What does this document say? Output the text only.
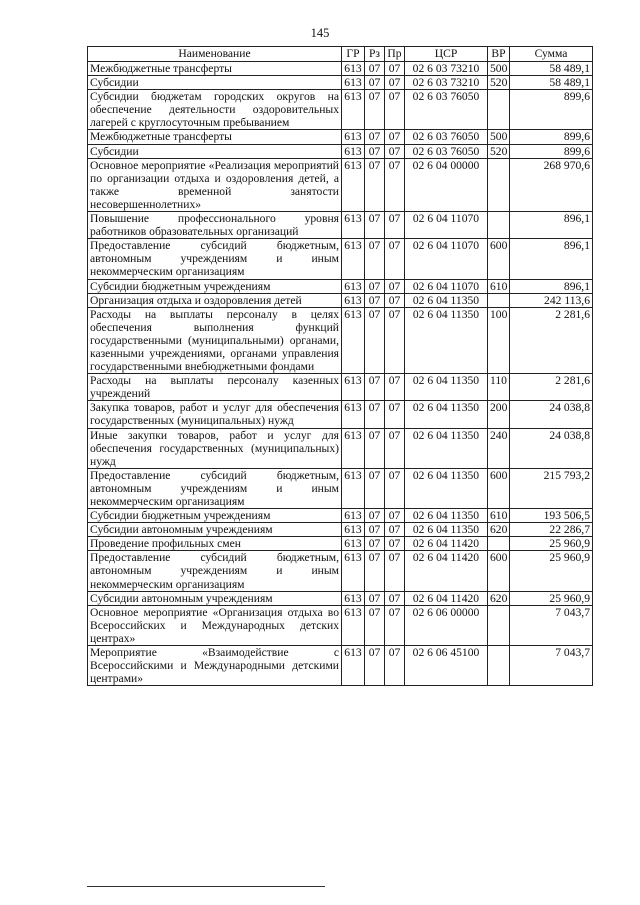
145
Наименование	ГР	Рз	Пр	ЦСР	ВР	Сумма
Межбюджетные трансферты	613	07	07	02 6 03 73210	500	58 489,1
Субсидии	613	07	07	02 6 03 73210	520	58 489,1
Субсидии бюджетам городских округов на обеспечение деятельности оздоровительных лагерей с круглосуточным пребыванием	613	07	07	02 6 03 76050		899,6
Межбюджетные трансферты	613	07	07	02 6 03 76050	500	899,6
Субсидии	613	07	07	02 6 03 76050	520	899,6
Основное мероприятие «Реализация мероприятий по организации отдыха и оздоровления детей, а также временной занятости несовершеннолетних»	613	07	07	02 6 04 00000		268 970,6
Повышение профессионального уровня работников образовательных организаций	613	07	07	02 6 04 11070		896,1
Предоставление субсидий бюджетным, автономным учреждениям и иным некоммерческим организациям	613	07	07	02 6 04 11070	600	896,1
Субсидии бюджетным учреждениям	613	07	07	02 6 04 11070	610	896,1
Организация отдыха и оздоровления детей	613	07	07	02 6 04 11350		242 113,6
Расходы на выплаты персоналу в целях обеспечения выполнения функций государственными (муниципальными) органами, казенными учреждениями, органами управления государственными внебюджетными фондами	613	07	07	02 6 04 11350	100	2 281,6
Расходы на выплаты персоналу казенных учреждений	613	07	07	02 6 04 11350	110	2 281,6
Закупка товаров, работ и услуг для обеспечения государственных (муниципальных) нужд	613	07	07	02 6 04 11350	200	24 038,8
Иные закупки товаров, работ и услуг для обеспечения государственных (муниципальных) нужд	613	07	07	02 6 04 11350	240	24 038,8
Предоставление субсидий бюджетным, автономным учреждениям и иным некоммерческим организациям	613	07	07	02 6 04 11350	600	215 793,2
Субсидии бюджетным учреждениям	613	07	07	02 6 04 11350	610	193 506,5
Субсидии автономным учреждениям	613	07	07	02 6 04 11350	620	22 286,7
Проведение профильных смен	613	07	07	02 6 04 11420		25 960,9
Предоставление субсидий бюджетным, автономным учреждениям и иным некоммерческим организациям	613	07	07	02 6 04 11420	600	25 960,9
Субсидии автономным учреждениям	613	07	07	02 6 04 11420	620	25 960,9
Основное мероприятие «Организация отдыха во Всероссийских и Международных детских центрах»	613	07	07	02 6 06 00000		7 043,7
Мероприятие «Взаимодействие с Всероссийскими и Международными детскими центрами»	613	07	07	02 6 06 45100		7 043,7
